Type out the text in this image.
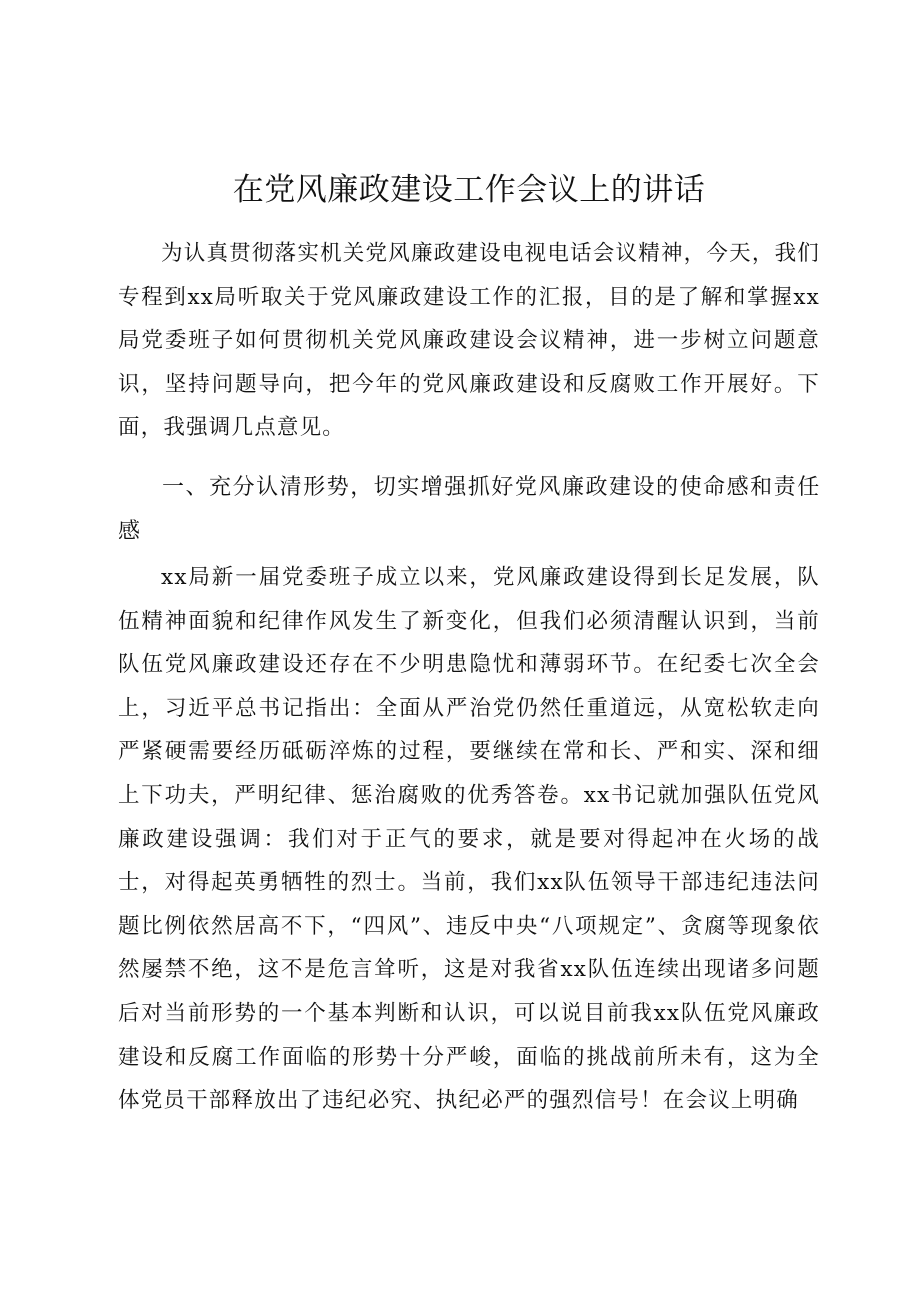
在党风廉政建设工作会议上的讲话

为认真贯彻落实机关党风廉政建设电视电话会议精神，今天，我们专程到xx局听取关于党风廉政建设工作的汇报，目的是了解和掌握xx局党委班子如何贯彻机关党风廉政建设会议精神，进一步树立问题意识，坚持问题导向，把今年的党风廉政建设和反腐败工作开展好。下面，我强调几点意见。

一、充分认清形势，切实增强抓好党风廉政建设的使命感和责任感

xx局新一届党委班子成立以来，党风廉政建设得到长足发展，队伍精神面貌和纪律作风发生了新变化，但我们必须清醒认识到，当前队伍党风廉政建设还存在不少明患隐忧和薄弱环节。在纪委七次全会上，习近平总书记指出：全面从严治党仍然任重道远，从宽松软走向严紧硬需要经历砥砺淬炼的过程，要继续在常和长、严和实、深和细上下功夫，严明纪律、惩治腐败的优秀答卷。xx书记就加强队伍党风廉政建设强调：我们对于正气的要求，就是要对得起冲在火场的战士，对得起英勇牺牲的烈士。当前，我们xx队伍领导干部违纪违法问题比例依然居高不下，“四风”、违反中央“八项规定”、贪腐等现象依然屡禁不绝，这不是危言耸听，这是对我省xx队伍连续出现诸多问题后对当前形势的一个基本判断和认识，可以说目前我xx队伍党风廉政建设和反腐工作面临的形势十分严峻，面临的挑战前所未有，这为全体党员干部释放出了违纪必究、执纪必严的强烈信号！在会议上明确
